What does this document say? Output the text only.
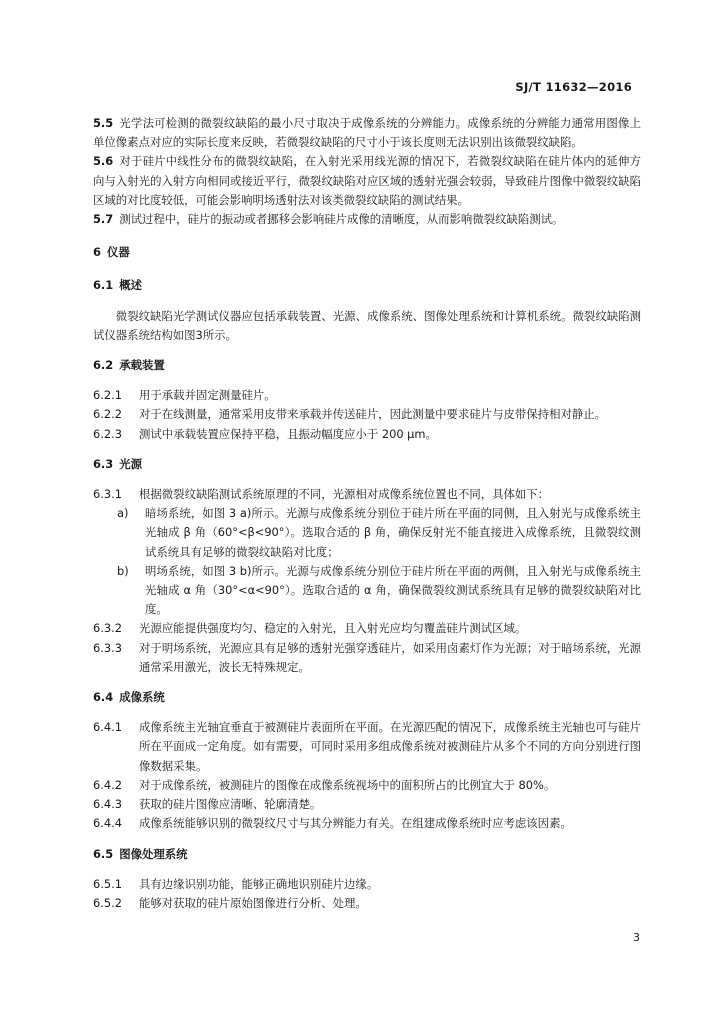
SJ/T 11632—2016

5.5 光学法可检测的微裂纹缺陷的最小尺寸取决于成像系统的分辨能力。成像系统的分辨能力通常用图像上单位像素点对应的实际长度来反映，若微裂纹缺陷的尺寸小于该长度则无法识别出该微裂纹缺陷。

5.6 对于硅片中线性分布的微裂纹缺陷，在入射光采用线光源的情况下，若微裂纹缺陷在硅片体内的延伸方向与入射光的入射方向相同或接近平行，微裂纹缺陷对应区域的透射光强会较弱，导致硅片图像中微裂纹缺陷区域的对比度较低，可能会影响明场透射法对该类微裂纹缺陷的测试结果。

5.7 测试过程中，硅片的振动或者挪移会影响硅片成像的清晰度，从而影响微裂纹缺陷测试。

6 仪器

6.1 概述

微裂纹缺陷光学测试仪器应包括承载装置、光源、成像系统、图像处理系统和计算机系统。微裂纹缺陷测试仪器系统结构如图3所示。

6.2 承载装置

6.2.1	用于承载并固定测量硅片。
6.2.2	对于在线测量，通常采用皮带来承载并传送硅片，因此测量中要求硅片与皮带保持相对静止。
6.2.3	测试中承载装置应保持平稳，且振动幅度应小于 200 μm。

6.3 光源

6.3.1	根据微裂纹缺陷测试系统原理的不同，光源相对成像系统位置也不同，具体如下：
a)	暗场系统，如图 3 a)所示。光源与成像系统分别位于硅片所在平面的同侧，且入射光与成像系统主光轴成 β 角（60°<β<90°）。选取合适的 β 角，确保反射光不能直接进入成像系统，且微裂纹测试系统具有足够的微裂纹缺陷对比度；
b)	明场系统，如图 3 b)所示。光源与成像系统分别位于硅片所在平面的两侧，且入射光与成像系统主光轴成 α 角（30°<α<90°）。选取合适的 α 角，确保微裂纹测试系统具有足够的微裂纹缺陷对比度。
6.3.2	光源应能提供强度均匀、稳定的入射光，且入射光应均匀覆盖硅片测试区域。
6.3.3	对于明场系统，光源应具有足够的透射光强穿透硅片，如采用卤素灯作为光源；对于暗场系统，光源通常采用激光，波长无特殊规定。

6.4 成像系统

6.4.1	成像系统主光轴宜垂直于被测硅片表面所在平面。在光源匹配的情况下，成像系统主光轴也可与硅片所在平面成一定角度。如有需要，可同时采用多组成像系统对被测硅片从多个不同的方向分别进行图像数据采集。
6.4.2	对于成像系统，被测硅片的图像在成像系统视场中的面积所占的比例宜大于 80%。
6.4.3	获取的硅片图像应清晰、轮廓清楚。
6.4.4	成像系统能够识别的微裂纹尺寸与其分辨能力有关。在组建成像系统时应考虑该因素。

6.5 图像处理系统

6.5.1	具有边缘识别功能，能够正确地识别硅片边缘。
6.5.2	能够对获取的硅片原始图像进行分析、处理。
3
